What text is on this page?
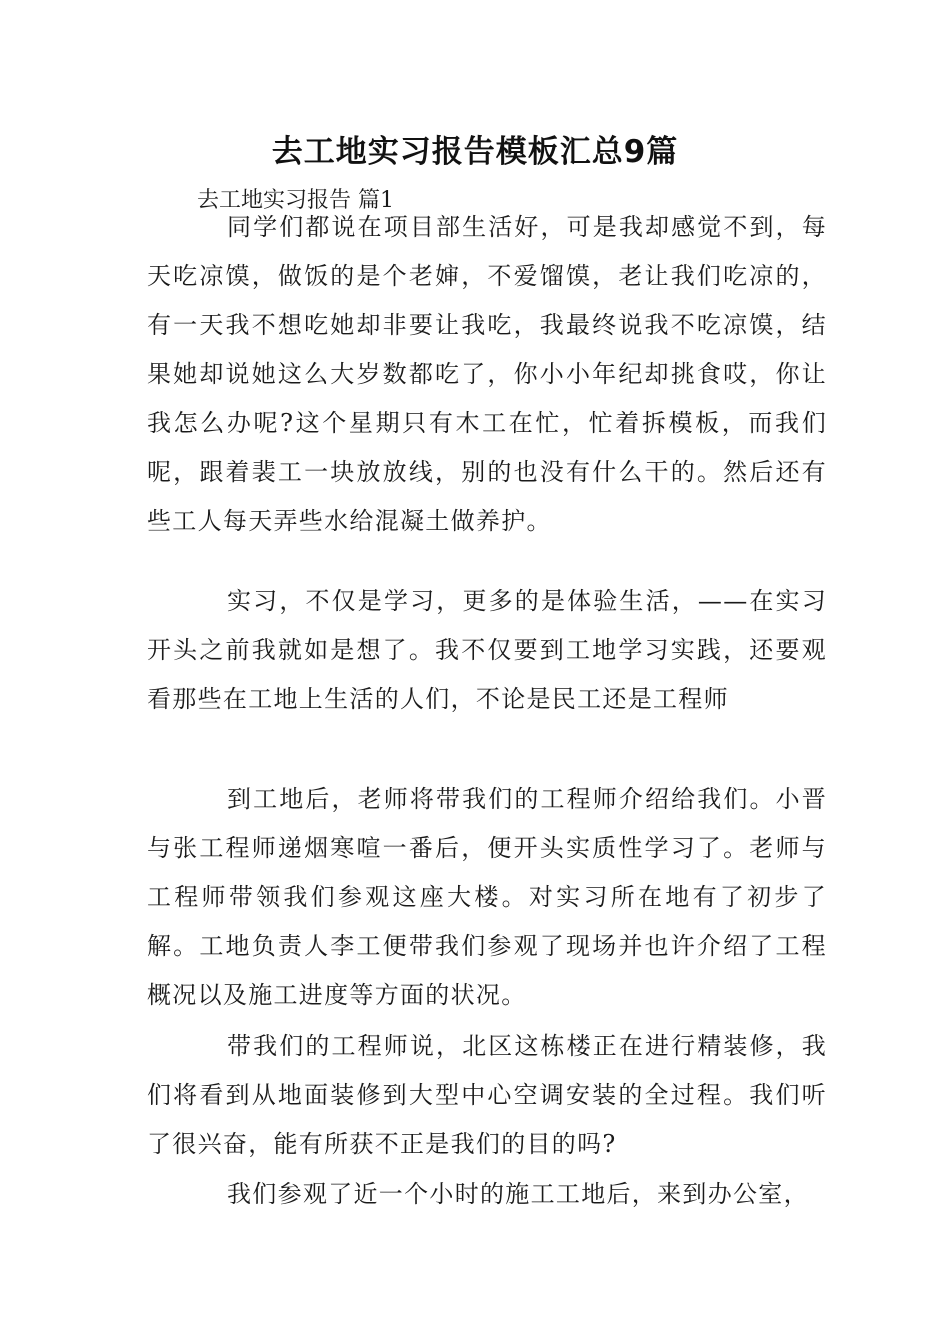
去工地实习报告模板汇总9篇

去工地实习报告 篇1

同学们都说在项目部生活好，可是我却感觉不到，每天吃凉馍，做饭的是个老婶，不爱馏馍，老让我们吃凉的，有一天我不想吃她却非要让我吃，我最终说我不吃凉馍，结果她却说她这么大岁数都吃了，你小小年纪却挑食哎，你让我怎么办呢?这个星期只有木工在忙，忙着拆模板，而我们呢，跟着裴工一块放放线，别的也没有什么干的。然后还有些工人每天弄些水给混凝土做养护。

实习，不仅是学习，更多的是体验生活，——在实习开头之前我就如是想了。我不仅要到工地学习实践，还要观看那些在工地上生活的人们，不论是民工还是工程师

到工地后，老师将带我们的工程师介绍给我们。小晋与张工程师递烟寒喧一番后，便开头实质性学习了。老师与工程师带领我们参观这座大楼。对实习所在地有了初步了解。工地负责人李工便带我们参观了现场并也许介绍了工程概况以及施工进度等方面的状况。

带我们的工程师说，北区这栋楼正在进行精装修，我们将看到从地面装修到大型中心空调安装的全过程。我们听了很兴奋，能有所获不正是我们的目的吗?

我们参观了近一个小时的施工工地后，来到办公室，
